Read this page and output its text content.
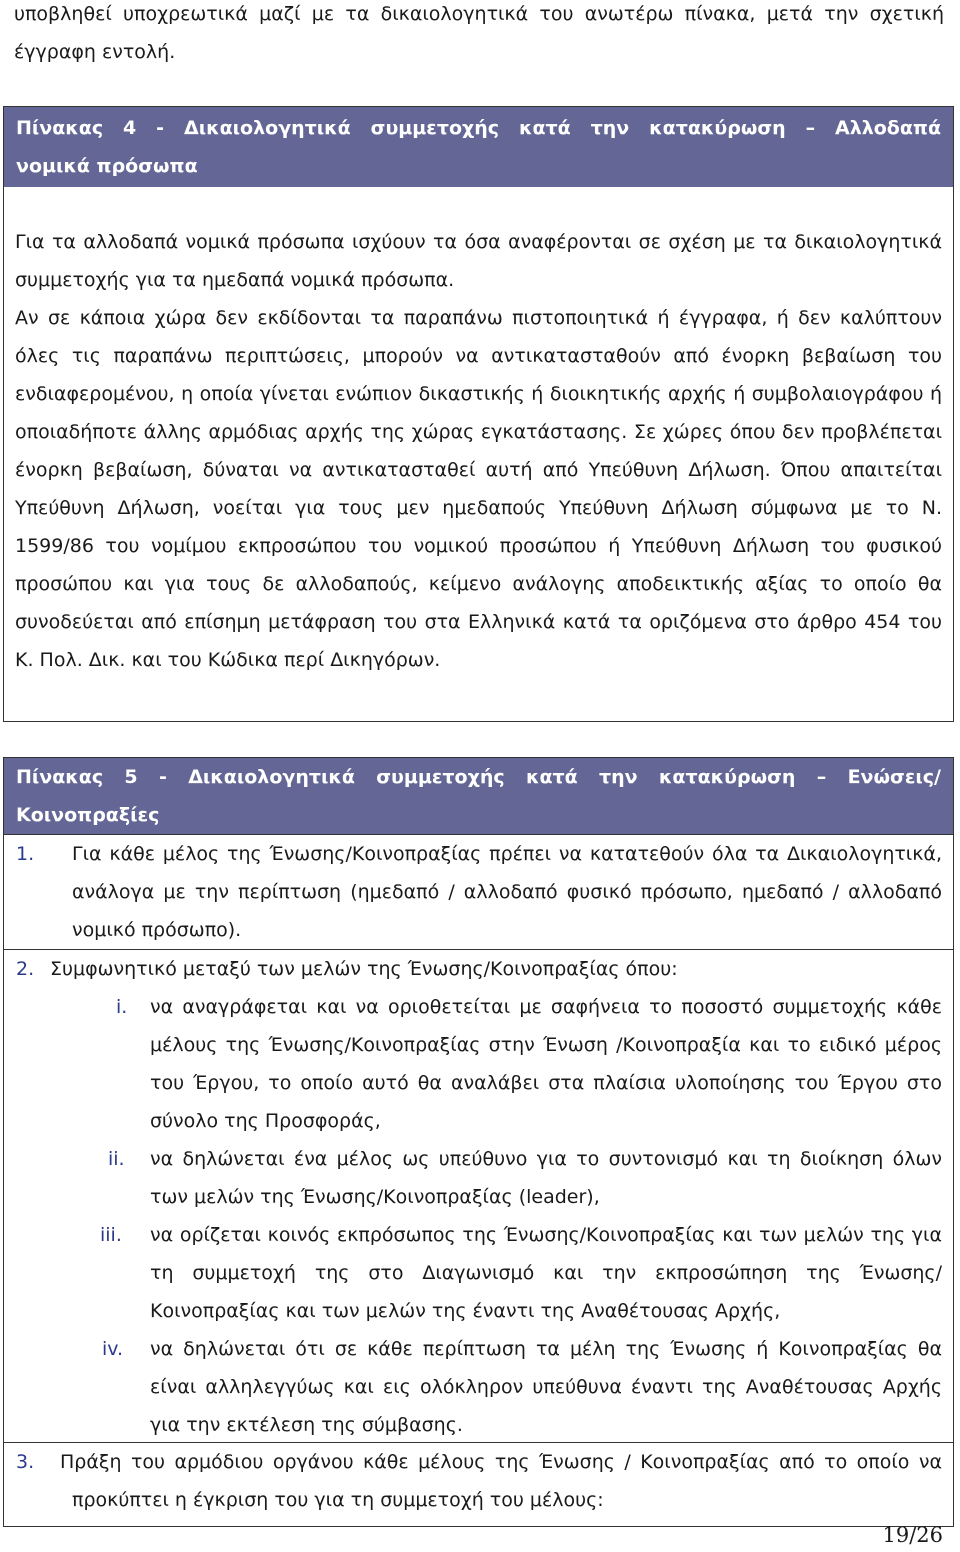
υποβληθεί υποχρεωτικά μαζί με τα δικαιολογητικά του ανωτέρω πίνακα, μετά την σχετική
έγγραφη εντολή.
Πίνακας 4 - Δικαιολογητικά συμμετοχής κατά την κατακύρωση – Αλλοδαπά
νομικά πρόσωπα

Για τα αλλοδαπά νομικά πρόσωπα ισχύουν τα όσα αναφέρονται σε σχέση με τα δικαιολογητικά συμμετοχής για τα ημεδαπά νομικά πρόσωπα.

Αν σε κάποια χώρα δεν εκδίδονται τα παραπάνω πιστοποιητικά ή έγγραφα, ή δεν καλύπτουν όλες τις παραπάνω περιπτώσεις, μπορούν να αντικατασταθούν από ένορκη βεβαίωση του ενδιαφερομένου, η οποία γίνεται ενώπιον δικαστικής ή διοικητικής αρχής ή συμβολαιογράφου ή οποιαδήποτε άλλης αρμόδιας αρχής της χώρας εγκατάστασης. Σε χώρες όπου δεν προβλέπεται ένορκη βεβαίωση, δύναται να αντικατασταθεί αυτή από Υπεύθυνη Δήλωση. Όπου απαιτείται Υπεύθυνη Δήλωση, νοείται για τους μεν ημεδαπούς Υπεύθυνη Δήλωση σύμφωνα με το Ν. 1599/86 του νομίμου εκπροσώπου του νομικού προσώπου ή Υπεύθυνη Δήλωση του φυσικού προσώπου και για τους δε αλλοδαπούς, κείμενο ανάλογης αποδεικτικής αξίας το οποίο θα συνοδεύεται από επίσημη μετάφραση του στα Ελληνικά κατά τα οριζόμενα στο άρθρο 454 του Κ. Πολ. Δικ. και του Κώδικα περί Δικηγόρων.

Πίνακας 5 - Δικαιολογητικά συμμετοχής κατά την κατακύρωση – Ενώσεις/
Κοινοπραξίες
1. Για κάθε μέλος της Ένωσης/Κοινοπραξίας πρέπει να κατατεθούν όλα τα Δικαιολογητικά, ανάλογα με την περίπτωση (ημεδαπό / αλλοδαπό φυσικό πρόσωπο, ημεδαπό / αλλοδαπό νομικό πρόσωπο).
2. Συμφωνητικό μεταξύ των μελών της Ένωσης/Κοινοπραξίας όπου:
i. να αναγράφεται και να οριοθετείται με σαφήνεια το ποσοστό συμμετοχής κάθε μέλους της Ένωσης/Κοινοπραξίας στην Ένωση /Κοινοπραξία και το ειδικό μέρος του Έργου, το οποίο αυτό θα αναλάβει στα πλαίσια υλοποίησης του Έργου στο σύνολο της Προσφοράς,
ii. να δηλώνεται ένα μέλος ως υπεύθυνο για το συντονισμό και τη διοίκηση όλων των μελών της Ένωσης/Κοινοπραξίας (leader),
iii. να ορίζεται κοινός εκπρόσωπος της Ένωσης/Κοινοπραξίας και των μελών της για τη συμμετοχή της στο Διαγωνισμό και την εκπροσώπηση της Ένωσης/Κοινοπραξίας και των μελών της έναντι της Αναθέτουσας Αρχής,
iv. να δηλώνεται ότι σε κάθε περίπτωση τα μέλη της Ένωσης ή Κοινοπραξίας θα είναι αλληλεγγύως και εις ολόκληρον υπεύθυνα έναντι της Αναθέτουσας Αρχής για την εκτέλεση της σύμβασης.
3. Πράξη του αρμόδιου οργάνου κάθε μέλους της Ένωσης / Κοινοπραξίας από το οποίο να προκύπτει η έγκριση του για τη συμμετοχή του μέλους:
19/26
